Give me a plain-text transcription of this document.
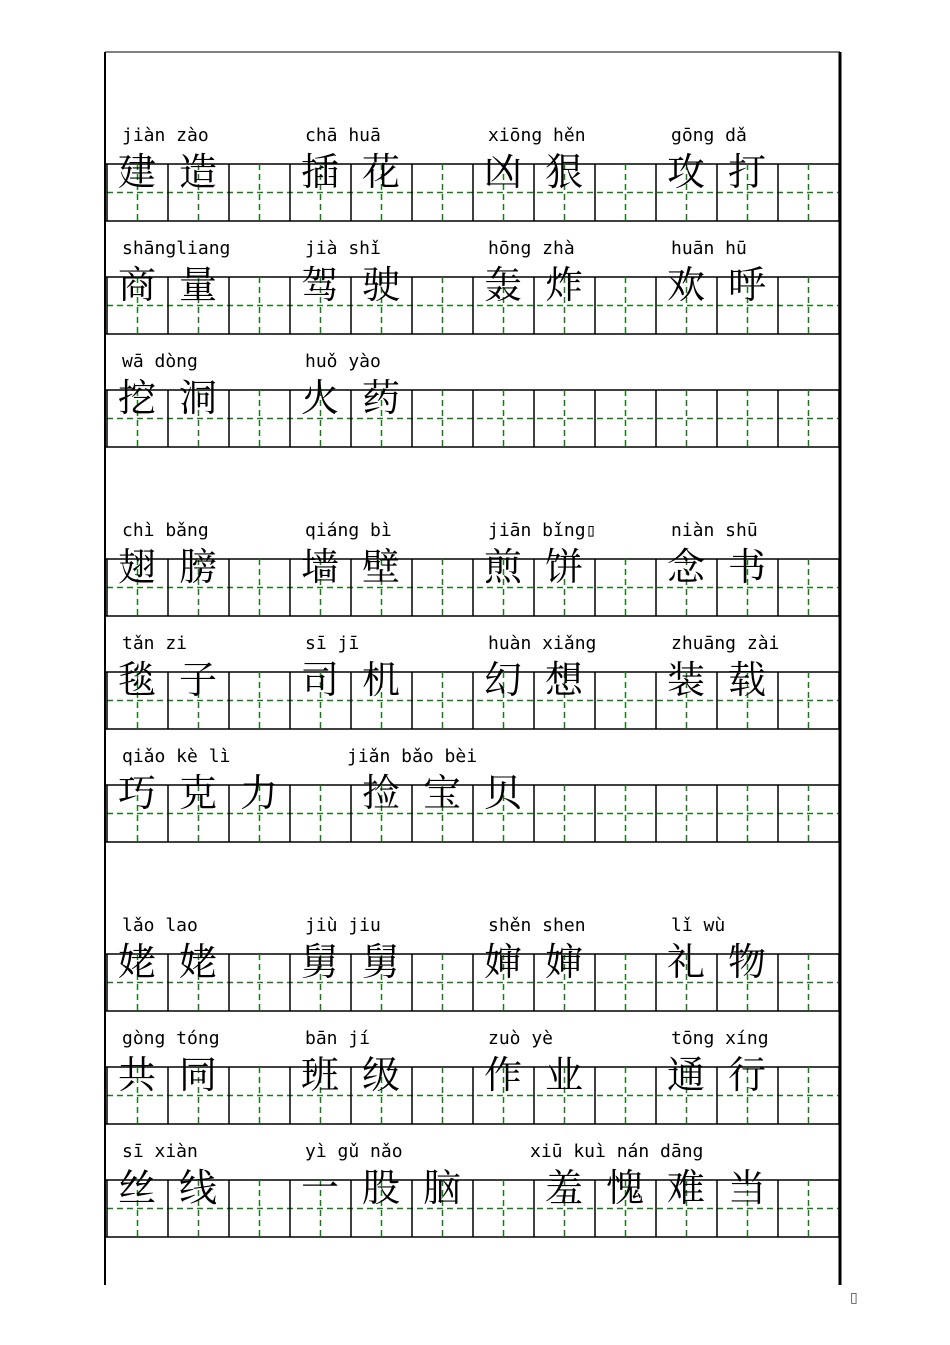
jiàn zào
建 造
chā huā
插 花
xiōng hěn
凶 狠
gōng dǎ
攻 打
shāngliang
商 量
jià shǐ
驾 驶
hōng zhà
轰 炸
huān hū
欢 呼
wā dòng
挖 洞
huǒ yào
火 药
chì bǎng
翅 膀
qiáng bì
墙 壁
jiān bǐng▯
煎 饼
niàn shū
念 书
tǎn zi
毯 子
sī jī
司 机
huàn xiǎng
幻 想
zhuāng zài
装 载
qiǎo kè lì
巧 克 力
jiǎn bǎo bèi
捡 宝 贝
lǎo lao
姥 姥
jiù jiu
舅 舅
shěn shen
婶 婶
lǐ wù
礼 物
gòng tóng
共 同
bān jí
班 级
zuò yè
作 业
tōng xíng
通 行
sī xiàn
丝 线
yì gǔ nǎo
一 股 脑
xiū kuì nán dāng
羞 愧 难 当
▯
